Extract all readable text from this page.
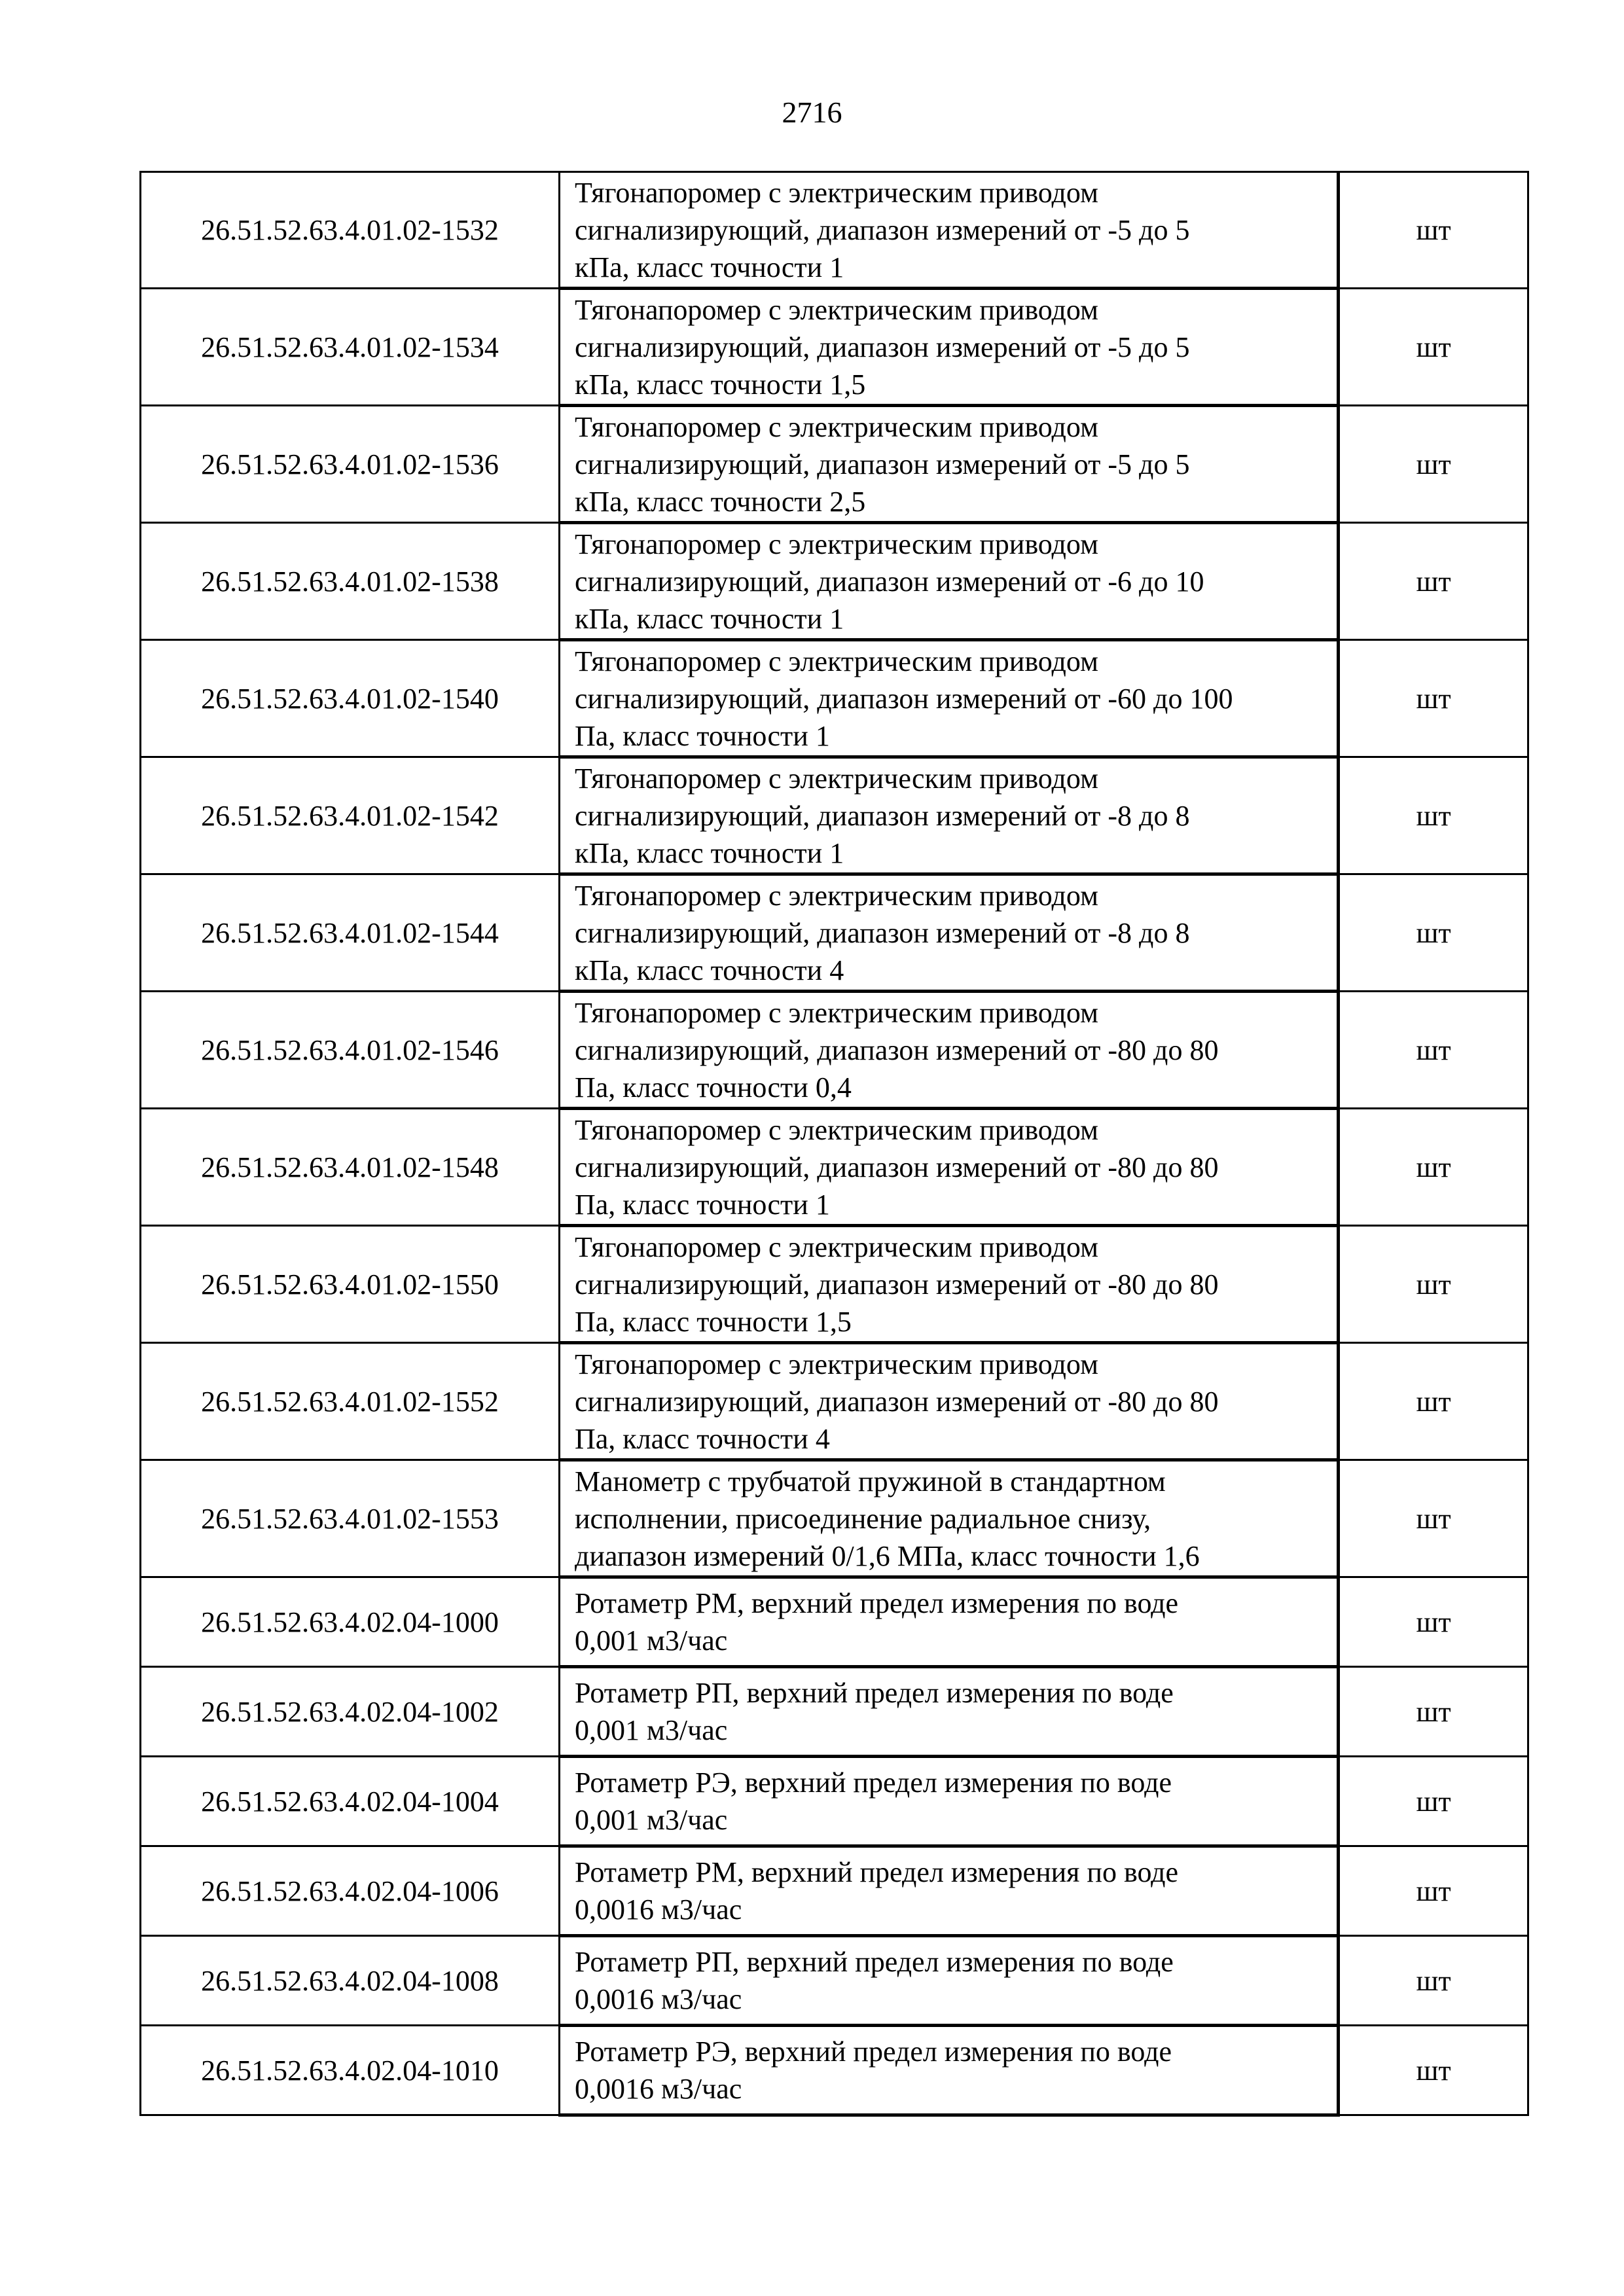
2716
26.51.52.63.4.01.02-1532	Тягонапоромер с электрическим приводом
сигнализирующий, диапазон измерений от -5 до 5
кПа, класс точности 1	шт
26.51.52.63.4.01.02-1534	Тягонапоромер с электрическим приводом
сигнализирующий, диапазон измерений от -5 до 5
кПа, класс точности 1,5	шт
26.51.52.63.4.01.02-1536	Тягонапоромер с электрическим приводом
сигнализирующий, диапазон измерений от -5 до 5
кПа, класс точности 2,5	шт
26.51.52.63.4.01.02-1538	Тягонапоромер с электрическим приводом
сигнализирующий, диапазон измерений от -6 до 10
кПа, класс точности 1	шт
26.51.52.63.4.01.02-1540	Тягонапоромер с электрическим приводом
сигнализирующий, диапазон измерений от -60 до 100
Па, класс точности 1	шт
26.51.52.63.4.01.02-1542	Тягонапоромер с электрическим приводом
сигнализирующий, диапазон измерений от -8 до 8
кПа, класс точности 1	шт
26.51.52.63.4.01.02-1544	Тягонапоромер с электрическим приводом
сигнализирующий, диапазон измерений от -8 до 8
кПа, класс точности 4	шт
26.51.52.63.4.01.02-1546	Тягонапоромер с электрическим приводом
сигнализирующий, диапазон измерений от -80 до 80
Па, класс точности 0,4	шт
26.51.52.63.4.01.02-1548	Тягонапоромер с электрическим приводом
сигнализирующий, диапазон измерений от -80 до 80
Па, класс точности 1	шт
26.51.52.63.4.01.02-1550	Тягонапоромер с электрическим приводом
сигнализирующий, диапазон измерений от -80 до 80
Па, класс точности 1,5	шт
26.51.52.63.4.01.02-1552	Тягонапоромер с электрическим приводом
сигнализирующий, диапазон измерений от -80 до 80
Па, класс точности 4	шт
26.51.52.63.4.01.02-1553	Манометр с трубчатой пружиной в стандартном
исполнении, присоединение радиальное снизу,
диапазон измерений 0/1,6 МПа, класс точности 1,6	шт
26.51.52.63.4.02.04-1000	Ротаметр РМ, верхний предел измерения по воде
0,001 м3/час	шт
26.51.52.63.4.02.04-1002	Ротаметр РП, верхний предел измерения по воде
0,001 м3/час	шт
26.51.52.63.4.02.04-1004	Ротаметр РЭ, верхний предел измерения по воде
0,001 м3/час	шт
26.51.52.63.4.02.04-1006	Ротаметр РМ, верхний предел измерения по воде
0,0016 м3/час	шт
26.51.52.63.4.02.04-1008	Ротаметр РП, верхний предел измерения по воде
0,0016 м3/час	шт
26.51.52.63.4.02.04-1010	Ротаметр РЭ, верхний предел измерения по воде
0,0016 м3/час	шт
